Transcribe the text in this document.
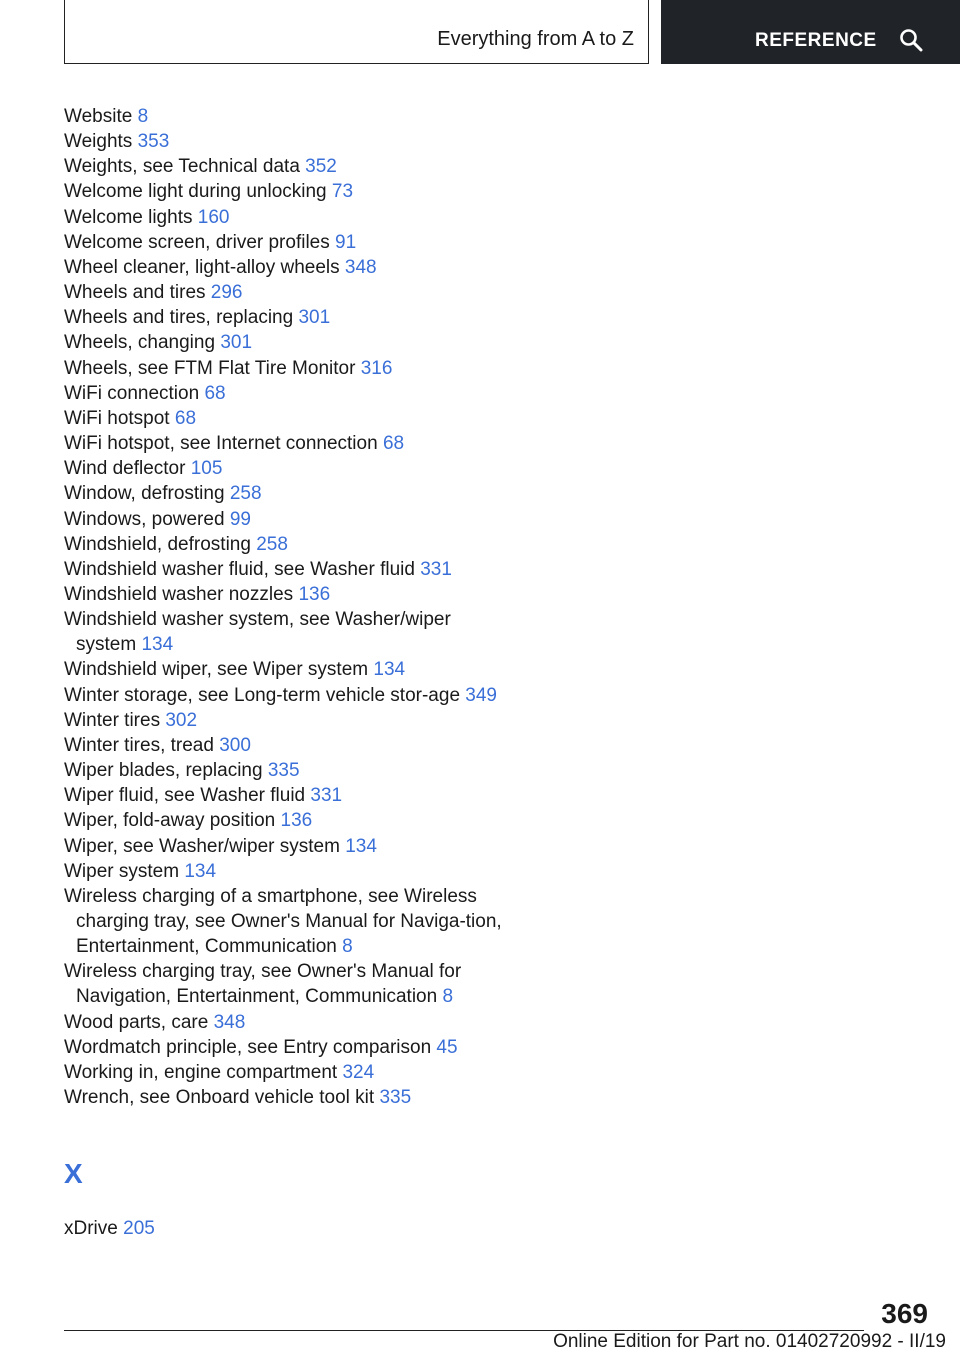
Everything from A to Z	REFERENCE
Website 8
Weights 353
Weights, see Technical data 352
Welcome light during unlocking 73
Welcome lights 160
Welcome screen, driver profiles 91
Wheel cleaner, light-alloy wheels 348
Wheels and tires 296
Wheels and tires, replacing 301
Wheels, changing 301
Wheels, see FTM Flat Tire Monitor 316
WiFi connection 68
WiFi hotspot 68
WiFi hotspot, see Internet connection 68
Wind deflector 105
Window, defrosting 258
Windows, powered 99
Windshield, defrosting 258
Windshield washer fluid, see Washer fluid 331
Windshield washer nozzles 136
Windshield washer system, see Washer/wiper system 134
Windshield wiper, see Wiper system 134
Winter storage, see Long-term vehicle stor‐age 349
Winter tires 302
Winter tires, tread 300
Wiper blades, replacing 335
Wiper fluid, see Washer fluid 331
Wiper, fold-away position 136
Wiper, see Washer/wiper system 134
Wiper system 134
Wireless charging of a smartphone, see Wireless charging tray, see Owner's Manual for Naviga‐tion, Entertainment, Communication 8
Wireless charging tray, see Owner's Manual for Navigation, Entertainment, Communication 8
Wood parts, care 348
Wordmatch principle, see Entry comparison 45
Working in, engine compartment 324
Wrench, see Onboard vehicle tool kit 335
X
xDrive 205
369
Online Edition for Part no. 01402720992 - II/19
